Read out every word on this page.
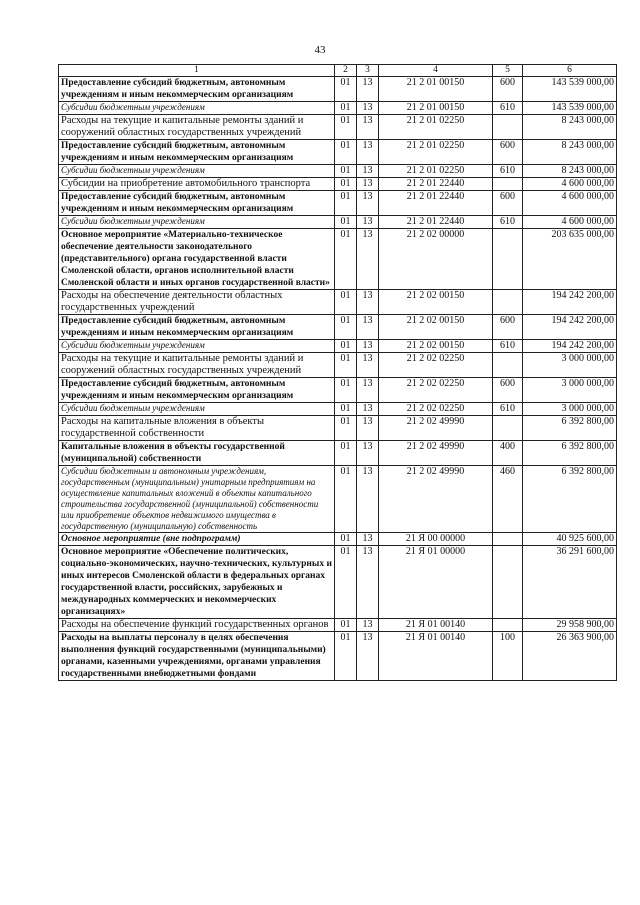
43
1	2	3	4	5	6
Предоставление субсидий бюджетным, автономным учреждениям и иным некоммерческим организациям	01	13	21 2 01 00150	600	143 539 000,00
Субсидии бюджетным учреждениям	01	13	21 2 01 00150	610	143 539 000,00
Расходы на текущие и капитальные ремонты зданий и сооружений областных государственных учреждений	01	13	21 2 01 02250		8 243 000,00
Предоставление субсидий бюджетным, автономным учреждениям и иным некоммерческим организациям	01	13	21 2 01 02250	600	8 243 000,00
Субсидии бюджетным учреждениям	01	13	21 2 01 02250	610	8 243 000,00
Субсидии на приобретение автомобильного транспорта	01	13	21 2 01 22440		4 600 000,00
Предоставление субсидий бюджетным, автономным учреждениям и иным некоммерческим организациям	01	13	21 2 01 22440	600	4 600 000,00
Субсидии бюджетным учреждениям	01	13	21 2 01 22440	610	4 600 000,00
Основное мероприятие «Материально-техническое обеспечение деятельности законодательного (представительного) органа государственной власти Смоленской области, органов исполнительной власти Смоленской области и иных органов государственной власти»	01	13	21 2 02 00000		203 635 000,00
Расходы на обеспечение деятельности областных государственных учреждений	01	13	21 2 02 00150		194 242 200,00
Предоставление субсидий бюджетным, автономным учреждениям и иным некоммерческим организациям	01	13	21 2 02 00150	600	194 242 200,00
Субсидии бюджетным учреждениям	01	13	21 2 02 00150	610	194 242 200,00
Расходы на текущие и капитальные ремонты зданий и сооружений областных государственных учреждений	01	13	21 2 02 02250		3 000 000,00
Предоставление субсидий бюджетным, автономным учреждениям и иным некоммерческим организациям	01	13	21 2 02 02250	600	3 000 000,00
Субсидии бюджетным учреждениям	01	13	21 2 02 02250	610	3 000 000,00
Расходы на капитальные вложения в объекты государственной собственности	01	13	21 2 02 49990		6 392 800,00
Капитальные вложения в объекты государственной (муниципальной) собственности	01	13	21 2 02 49990	400	6 392 800,00
Субсидии бюджетным и автономным учреждениям, государственным (муниципальным) унитарным предприятиям на осуществление капитальных вложений в объекты капитального строительства государственной (муниципальной) собственности или приобретение объектов недвижимого имущества в государственную (муниципальную) собственность	01	13	21 2 02 49990	460	6 392 800,00
Основное мероприятие (вне подпрограмм)	01	13	21 Я 00 00000		40 925 600,00
Основное мероприятие «Обеспечение политических, социально-экономических, научно-технических, культурных и иных интересов Смоленской области в федеральных органах государственной власти, российских, зарубежных и международных коммерческих и некоммерческих организациях»	01	13	21 Я 01 00000		36 291 600,00
Расходы на обеспечение функций государственных органов	01	13	21 Я 01 00140		29 958 900,00
Расходы на выплаты персоналу в целях обеспечения выполнения функций государственными (муниципальными) органами, казенными учреждениями, органами управления государственными внебюджетными фондами	01	13	21 Я 01 00140	100	26 363 900,00
